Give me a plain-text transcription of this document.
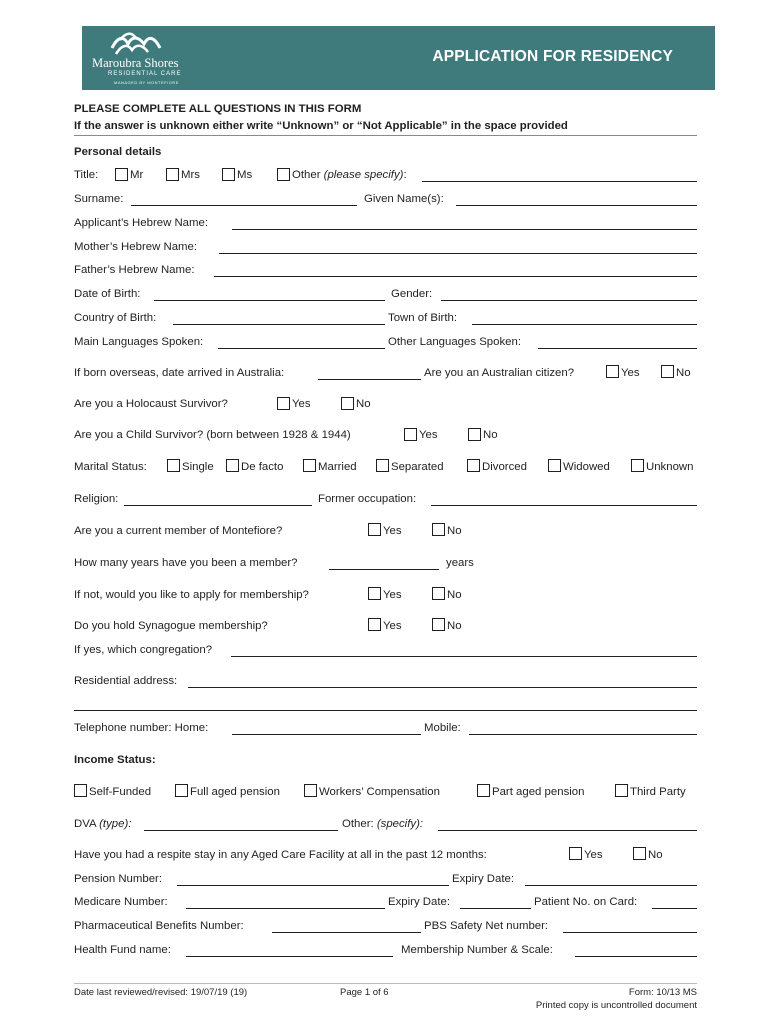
Maroubra Shores
RESIDENTIAL CARE
MANAGED BY MONTEFIORE
APPLICATION FOR RESIDENCY
PLEASE COMPLETE ALL QUESTIONS IN THIS FORM
If the answer is unknown either write “Unknown” or “Not Applicable” in the space provided
Personal details
Title:	Mr	Mrs	Ms	Other (please specify):
Surname:	Given Name(s):
Applicant’s Hebrew Name:
Mother’s Hebrew Name:
Father’s Hebrew Name:
Date of Birth:	Gender:
Country of Birth:	Town of Birth:
Main Languages Spoken:	Other Languages Spoken:
If born overseas, date arrived in Australia:	Are you an Australian citizen?	Yes	No
Are you a Holocaust Survivor?	Yes	No
Are you a Child Survivor? (born between 1928 & 1944)	Yes	No
Marital Status:	Single De facto	Married	Separated	Divorced	Widowed	Unknown
Religion:	Former occupation:
Are you a current member of Montefiore?	Yes	No
How many years have you been a member?	years
If not, would you like to apply for membership?	Yes	No
Do you hold Synagogue membership?	Yes	No
If yes, which congregation?
Residential address:
Telephone number: Home:	Mobile:
Income Status:
Self-Funded	Full aged pension	Workers’ Compensation	Part aged pension	Third Party
DVA (type):	Other: (specify):
Have you had a respite stay in any Aged Care Facility at all in the past 12 months:	Yes	No
Pension Number:	Expiry Date:
Medicare Number:	Expiry Date:	Patient No. on Card:
Pharmaceutical Benefits Number:	PBS Safety Net number:
Health Fund name:	Membership Number & Scale:
Date last reviewed/revised: 19/07/19 (19)	Page 1 of 6	Form: 10/13 MS
Printed copy is uncontrolled document
